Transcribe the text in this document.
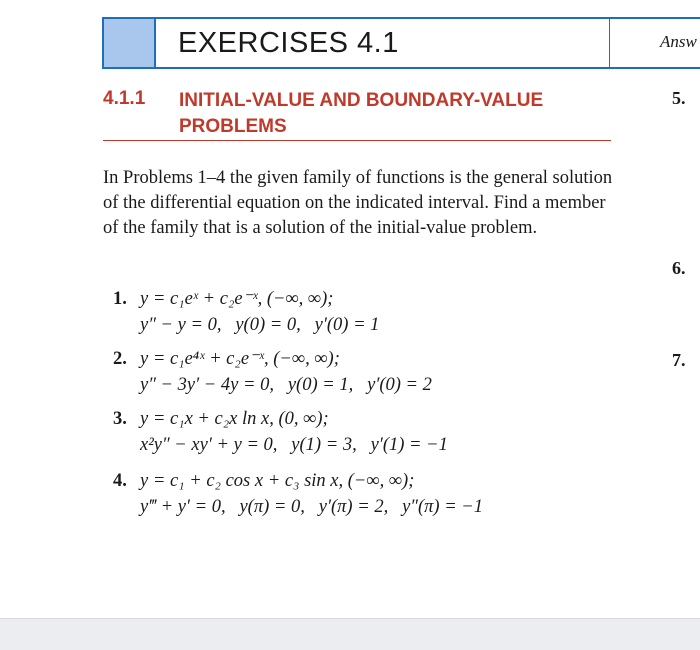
EXERCISES 4.1	Answ
4.1.1 INITIAL-VALUE AND BOUNDARY-VALUE PROBLEMS
In Problems 1–4 the given family of functions is the general solution of the differential equation on the indicated interval. Find a member of the family that is a solution of the initial-value problem.
1. y = c₁eˣ + c₂e⁻ˣ, (−∞, ∞);
y″ − y = 0,   y(0) = 0,   y′(0) = 1
2. y = c₁e⁴ˣ + c₂e⁻ˣ, (−∞, ∞);
y″ − 3y′ − 4y = 0,   y(0) = 1,   y′(0) = 2
3. y = c₁x + c₂x ln x, (0, ∞);
x²y″ − xy′ + y = 0,   y(1) = 3,   y′(1) = −1
4. y = c₁ + c₂ cos x + c₃ sin x, (−∞, ∞);
y‴ + y′ = 0,   y(π) = 0,   y′(π) = 2,   y″(π) = −1
5.
6.
7.
